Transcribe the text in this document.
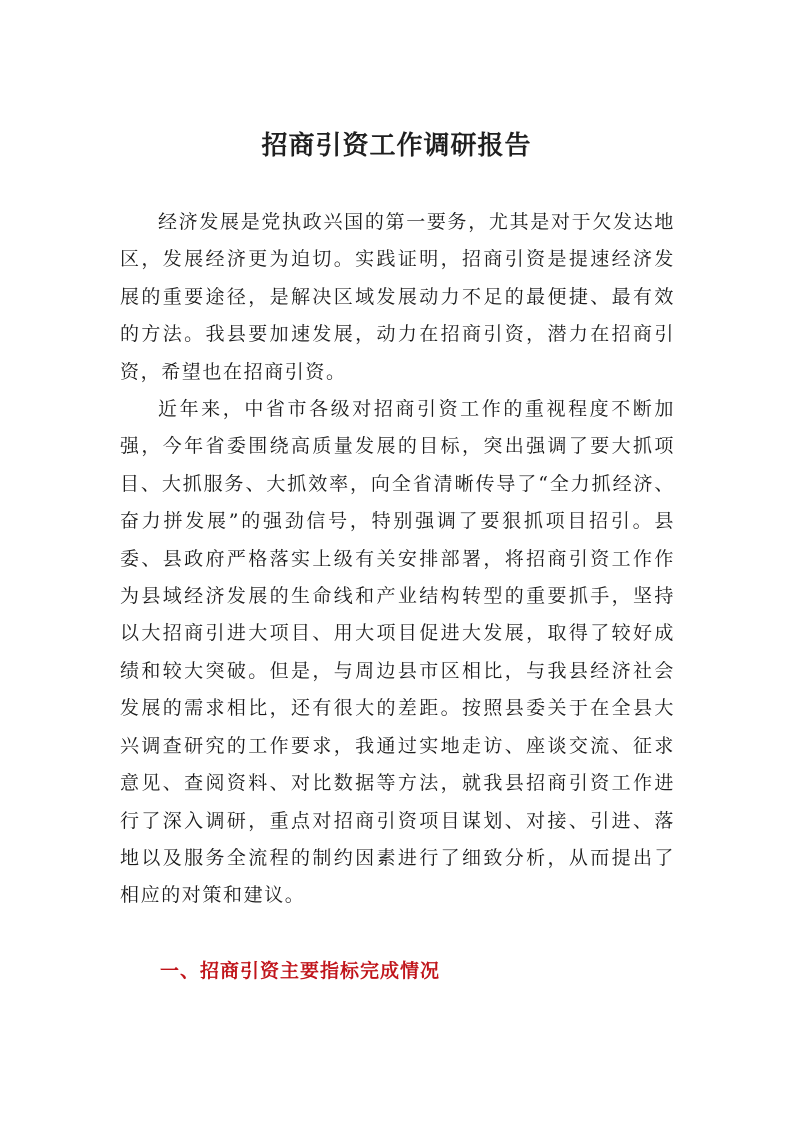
招商引资工作调研报告

经济发展是党执政兴国的第一要务，尤其是对于欠发达地区，发展经济更为迫切。实践证明，招商引资是提速经济发展的重要途径，是解决区域发展动力不足的最便捷、最有效的方法。我县要加速发展，动力在招商引资，潜力在招商引资，希望也在招商引资。

近年来，中省市各级对招商引资工作的重视程度不断加强，今年省委围绕高质量发展的目标，突出强调了要大抓项目、大抓服务、大抓效率，向全省清晰传导了“全力抓经济、奋力拼发展”的强劲信号，特别强调了要狠抓项目招引。县委、县政府严格落实上级有关安排部署，将招商引资工作作为县域经济发展的生命线和产业结构转型的重要抓手，坚持以大招商引进大项目、用大项目促进大发展，取得了较好成绩和较大突破。但是，与周边县市区相比，与我县经济社会发展的需求相比，还有很大的差距。按照县委关于在全县大兴调查研究的工作要求，我通过实地走访、座谈交流、征求意见、查阅资料、对比数据等方法，就我县招商引资工作进行了深入调研，重点对招商引资项目谋划、对接、引进、落地以及服务全流程的制约因素进行了细致分析，从而提出了相应的对策和建议。

一、招商引资主要指标完成情况
